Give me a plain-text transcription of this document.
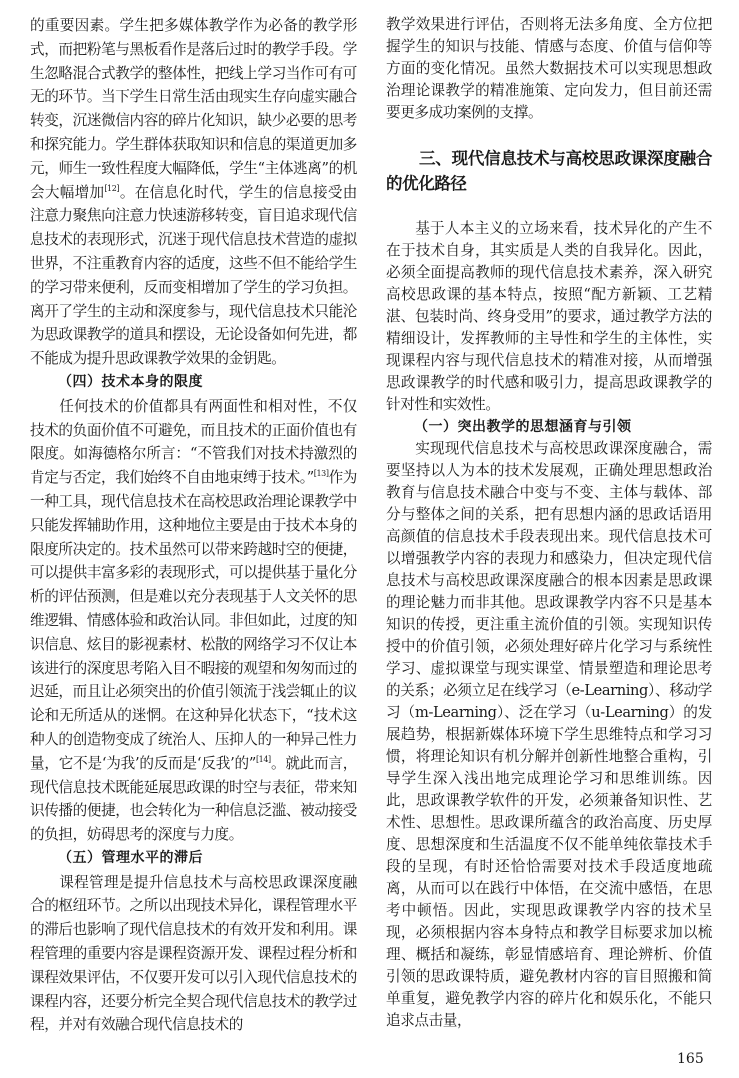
的重要因素。学生把多媒体教学作为必备的教学形式，而把粉笔与黑板看作是落后过时的教学手段。学生忽略混合式教学的整体性，把线上学习当作可有可无的环节。当下学生日常生活由现实生存向虚实融合转变，沉迷微信内容的碎片化知识，缺少必要的思考和探究能力。学生群体获取知识和信息的渠道更加多元，师生一致性程度大幅降低，学生“主体逃离”的机会大幅增加[12]。在信息化时代，学生的信息接受由注意力聚焦向注意力快速游移转变，盲目追求现代信息技术的表现形式，沉迷于现代信息技术营造的虚拟世界，不注重教育内容的适度，这些不但不能给学生的学习带来便利，反而变相增加了学生的学习负担。离开了学生的主动和深度参与，现代信息技术只能沦为思政课教学的道具和摆设，无论设备如何先进，都不能成为提升思政课教学效果的金钥匙。

（四）技术本身的限度

任何技术的价值都具有两面性和相对性，不仅技术的负面价值不可避免，而且技术的正面价值也有限度。如海德格尔所言：“不管我们对技术持激烈的肯定与否定，我们始终不自由地束缚于技术。”[13]作为一种工具，现代信息技术在高校思政治理论课教学中只能发挥辅助作用，这种地位主要是由于技术本身的限度所决定的。技术虽然可以带来跨越时空的便捷，可以提供丰富多彩的表现形式，可以提供基于量化分析的评估预测，但是难以充分表现基于人文关怀的思维逻辑、情感体验和政治认同。非但如此，过度的知识信息、炫目的影视素材、松散的网络学习不仅让本该进行的深度思考陷入目不暇接的观望和匆匆而过的迟延，而且让必须突出的价值引领流于浅尝辄止的议论和无所适从的迷惘。在这种异化状态下，“技术这种人的创造物变成了统治人、压抑人的一种异己性力量，它不是‘为我’的反而是‘反我’的”[14]。就此而言，现代信息技术既能延展思政课的时空与表征，带来知识传播的便捷，也会转化为一种信息泛滥、被动接受的负担，妨碍思考的深度与力度。

（五）管理水平的滞后

课程管理是提升信息技术与高校思政课深度融合的枢纽环节。之所以出现技术异化，课程管理水平的滞后也影响了现代信息技术的有效开发和利用。课程管理的重要内容是课程资源开发、课程过程分析和课程效果评估，不仅要开发可以引入现代信息技术的课程内容，还要分析完全契合现代信息技术的教学过程，并对有效融合现代信息技术的

教学效果进行评估，否则将无法多角度、全方位把握学生的知识与技能、情感与态度、价值与信仰等方面的变化情况。虽然大数据技术可以实现思想政治理论课教学的精准施策、定向发力，但目前还需要更多成功案例的支撑。

三、现代信息技术与高校思政课深度融合的优化路径

基于人本主义的立场来看，技术异化的产生不在于技术自身，其实质是人类的自我异化。因此，必须全面提高教师的现代信息技术素养，深入研究高校思政课的基本特点，按照“配方新颖、工艺精湛、包装时尚、终身受用”的要求，通过教学方法的精细设计，发挥教师的主导性和学生的主体性，实现课程内容与现代信息技术的精准对接，从而增强思政课教学的时代感和吸引力，提高思政课教学的针对性和实效性。

（一）突出教学的思想涵育与引领

实现现代信息技术与高校思政课深度融合，需要坚持以人为本的技术发展观，正确处理思想政治教育与信息技术融合中变与不变、主体与载体、部分与整体之间的关系，把有思想内涵的思政话语用高颜值的信息技术手段表现出来。现代信息技术可以增强教学内容的表现力和感染力，但决定现代信息技术与高校思政课深度融合的根本因素是思政课的理论魅力而非其他。思政课教学内容不只是基本知识的传授，更注重主流价值的引领。实现知识传授中的价值引领，必须处理好碎片化学习与系统性学习、虚拟课堂与现实课堂、情景塑造和理论思考的关系；必须立足在线学习（e-Learning）、移动学习（m-Learning）、泛在学习（u-Learning）的发展趋势，根据新媒体环境下学生思维特点和学习习惯，将理论知识有机分解并创新性地整合重构，引导学生深入浅出地完成理论学习和思维训练。因此，思政课教学软件的开发，必须兼备知识性、艺术性、思想性。思政课所蕴含的政治高度、历史厚度、思想深度和生活温度不仅不能单纯依靠技术手段的呈现，有时还恰恰需要对技术手段适度地疏离，从而可以在践行中体悟，在交流中感悟，在思考中顿悟。因此，实现思政课教学内容的技术呈现，必须根据内容本身特点和教学目标要求加以梳理、概括和凝练，彰显情感培育、理论辨析、价值引领的思政课特质，避免教材内容的盲目照搬和简单重复，避免教学内容的碎片化和娱乐化，不能只追求点击量，

165
